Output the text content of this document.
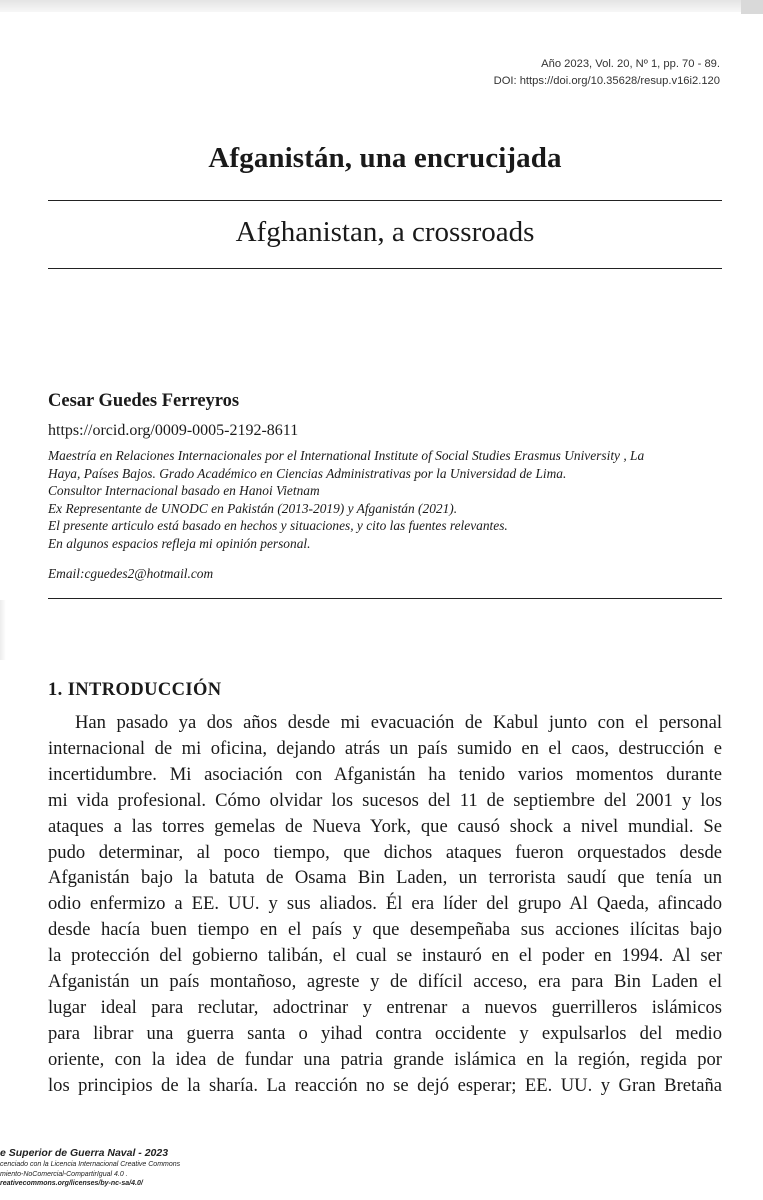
Año 2023, Vol. 20, Nº 1, pp. 70 - 89.
DOI: https://doi.org/10.35628/resup.v16i2.120
Afganistán, una encrucijada
Afghanistan, a crossroads
Cesar Guedes Ferreyros
https://orcid.org/0009-0005-2192-8611
Maestría en Relaciones Internacionales por el International Institute of Social Studies Erasmus University , La
Haya, Países Bajos. Grado Académico en Ciencias Administrativas por la Universidad de Lima.
Consultor Internacional basado en Hanoi Vietnam
Ex Representante de UNODC en Pakistán (2013-2019) y Afganistán (2021).
El presente articulo está basado en hechos y situaciones, y cito las fuentes relevantes.
En algunos espacios refleja mi opinión personal.
Email:cguedes2@hotmail.com
1. INTRODUCCIÓN
Han pasado ya dos años desde mi evacuación de Kabul junto con el personal
internacional de mi oficina, dejando atrás un país sumido en el caos, destrucción e
incertidumbre. Mi asociación con Afganistán ha tenido varios momentos durante
mi vida profesional. Cómo olvidar los sucesos del 11 de septiembre del 2001 y los
ataques a las torres gemelas de Nueva York, que causó shock a nivel mundial. Se
pudo determinar, al poco tiempo, que dichos ataques fueron orquestados desde
Afganistán bajo la batuta de Osama Bin Laden, un terrorista saudí que tenía un
odio enfermizo a EE. UU. y sus aliados. Él era líder del grupo Al Qaeda, afincado
desde hacía buen tiempo en el país y que desempeñaba sus acciones ilícitas bajo
la protección del gobierno talibán, el cual se instauró en el poder en 1994. Al ser
Afganistán un país montañoso, agreste y de difícil acceso, era para Bin Laden el
lugar ideal para reclutar, adoctrinar y entrenar a nuevos guerrilleros islámicos
para librar una guerra santa o yihad contra occidente y expulsarlos del medio
oriente, con la idea de fundar una patria grande islámica en la región, regida por
los principios de la sharía. La reacción no se dejó esperar; EE. UU. y Gran Bretaña
e Superior de Guerra Naval - 2023
cenciado con la Licencia Internacional Creative Commons
miento-NoComercial-CompartirIgual 4.0 .
reativecommons.org/licenses/by-nc-sa/4.0/
